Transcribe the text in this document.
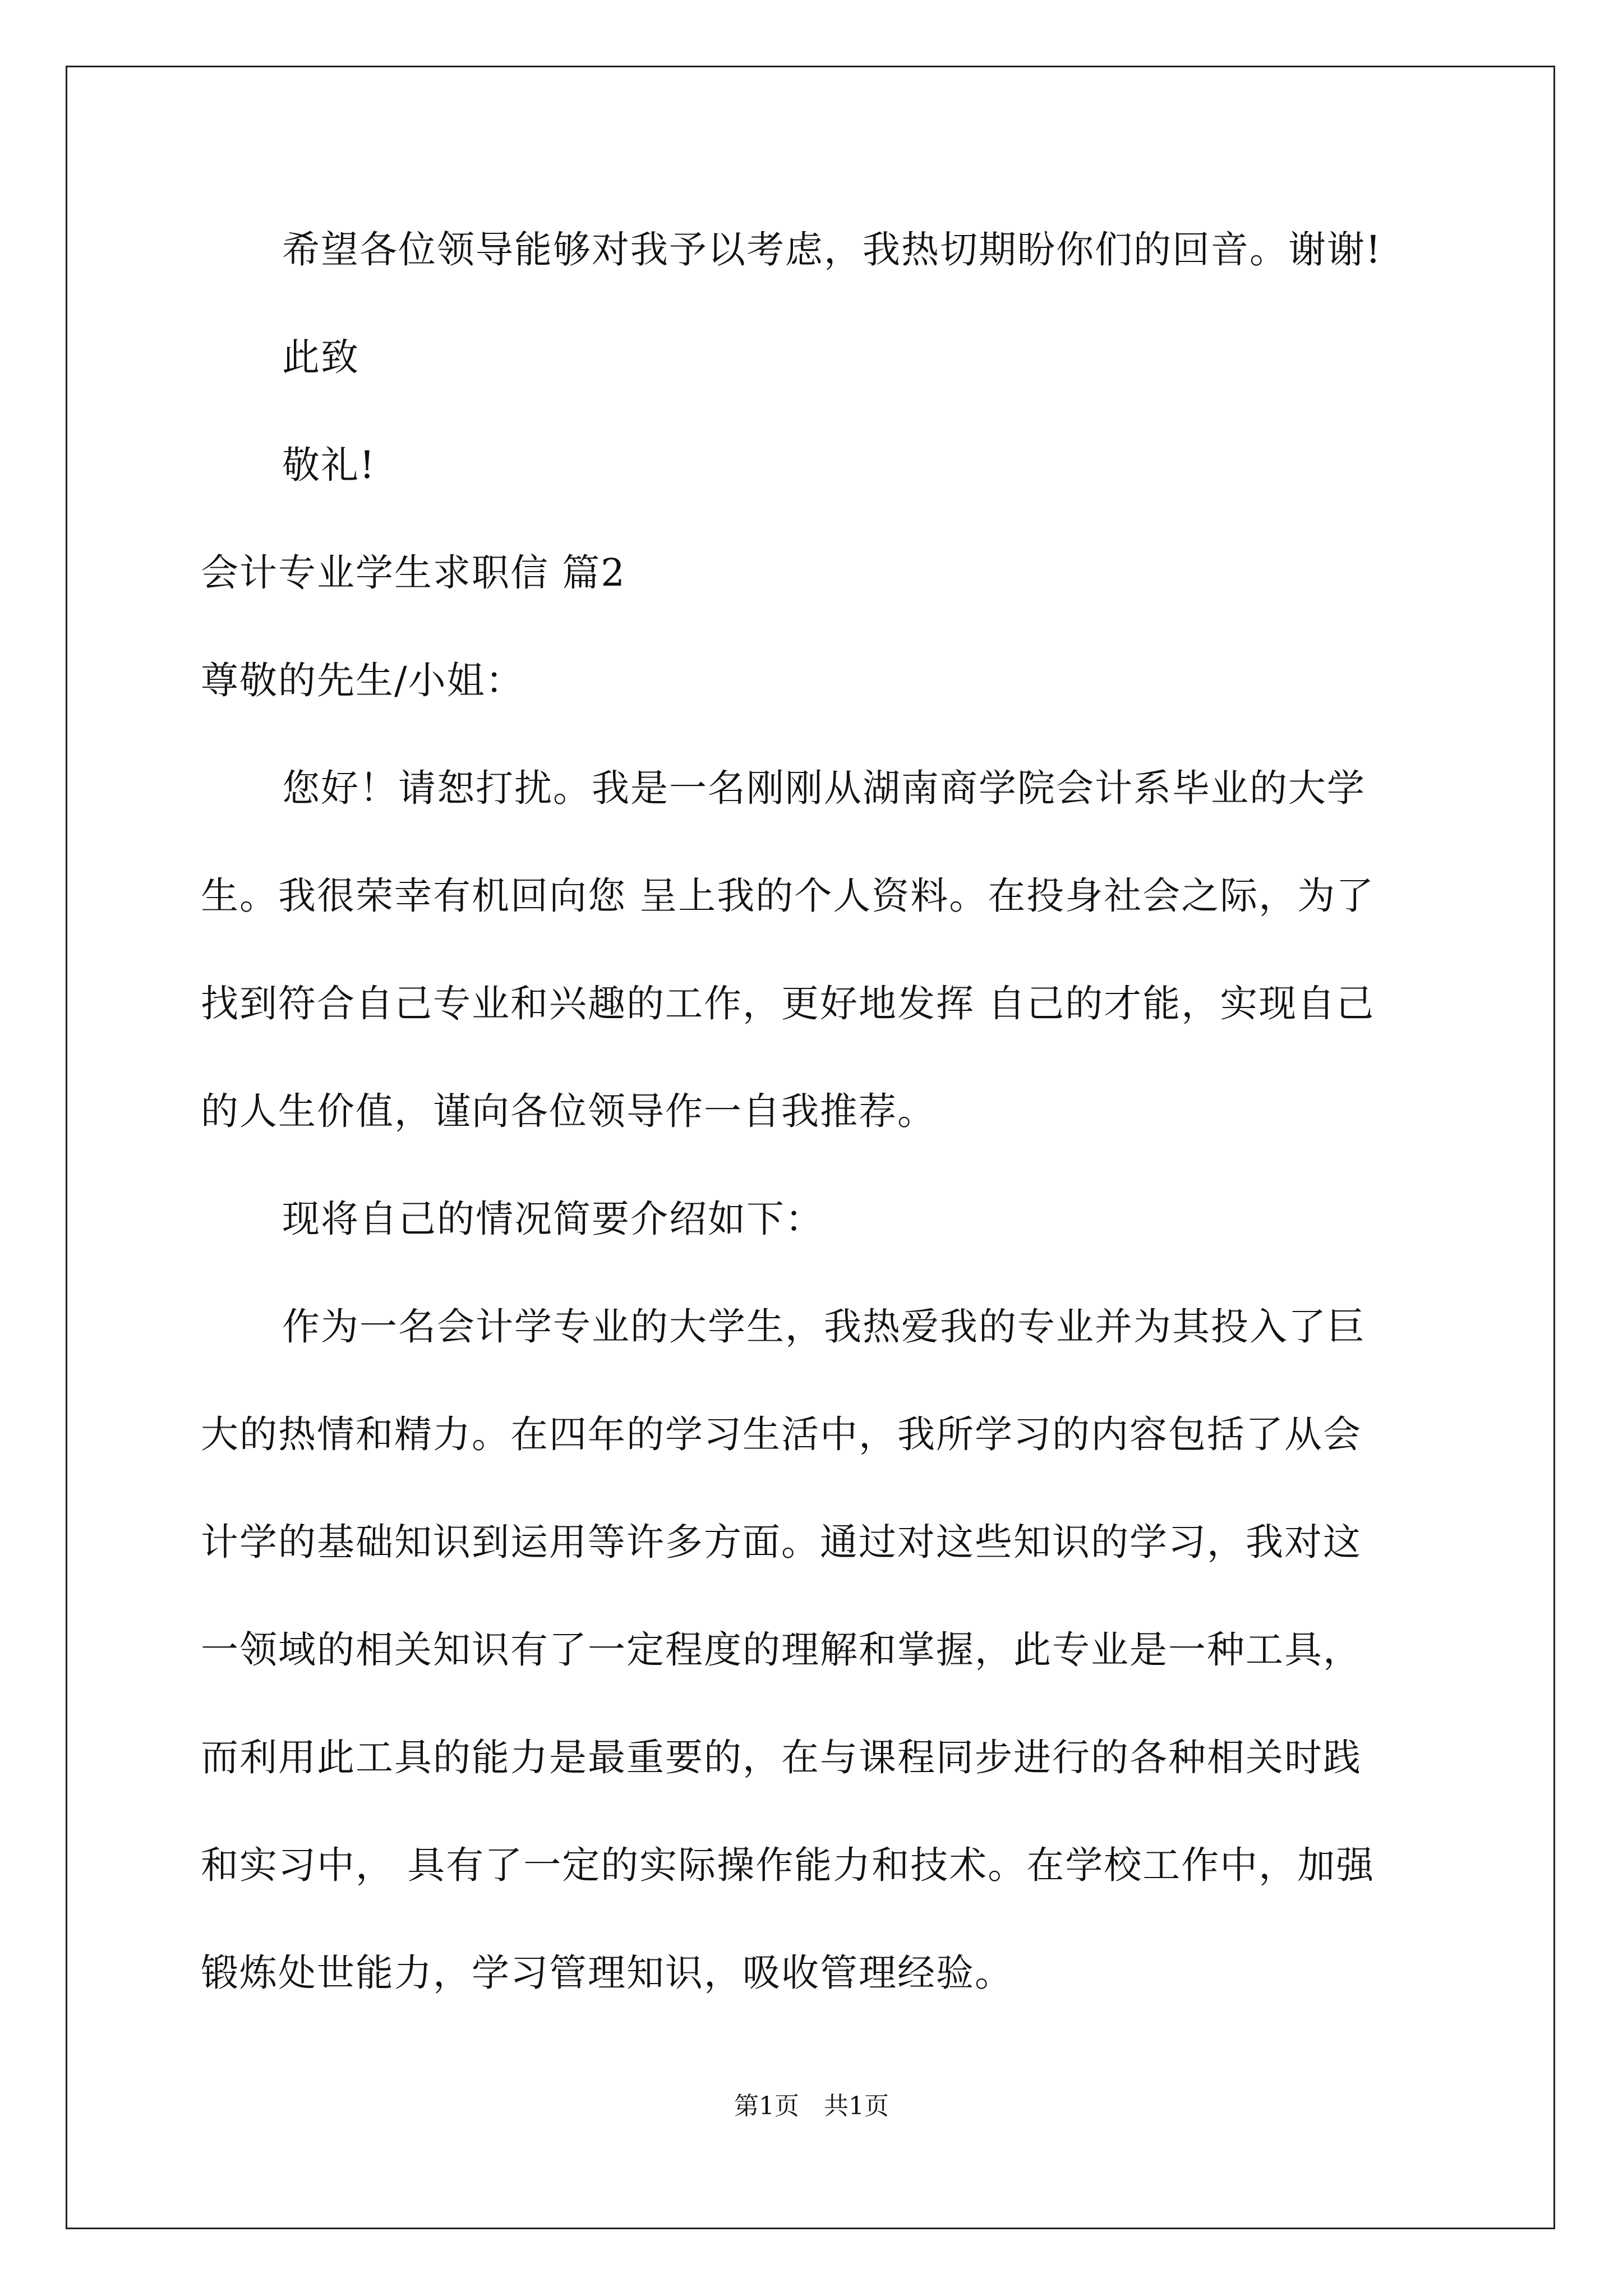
希望各位领导能够对我予以考虑，我热切期盼你们的回音。谢谢!

此致

敬礼!

会计专业学生求职信 篇2

尊敬的先生/小姐：

您好！请恕打扰。我是一名刚刚从湖南商学院会计系毕业的大学

生。我很荣幸有机回向您 呈上我的个人资料。在投身社会之际，为了

找到符合自己专业和兴趣的工作，更好地发挥 自己的才能，实现自己

的人生价值，谨向各位领导作一自我推荐。

现将自己的情况简要介绍如下：

作为一名会计学专业的大学生，我热爱我的专业并为其投入了巨

大的热情和精力。在四年的学习生活中，我所学习的内容包括了从会

计学的基础知识到运用等许多方面。通过对这些知识的学习，我对这

一领域的相关知识有了一定程度的理解和掌握，此专业是一种工具，

而利用此工具的能力是最重要的，在与课程同步进行的各种相关时践

和实习中， 具有了一定的实际操作能力和技术。在学校工作中，加强

锻炼处世能力，学习管理知识，吸收管理经验。

第1页　共1页
